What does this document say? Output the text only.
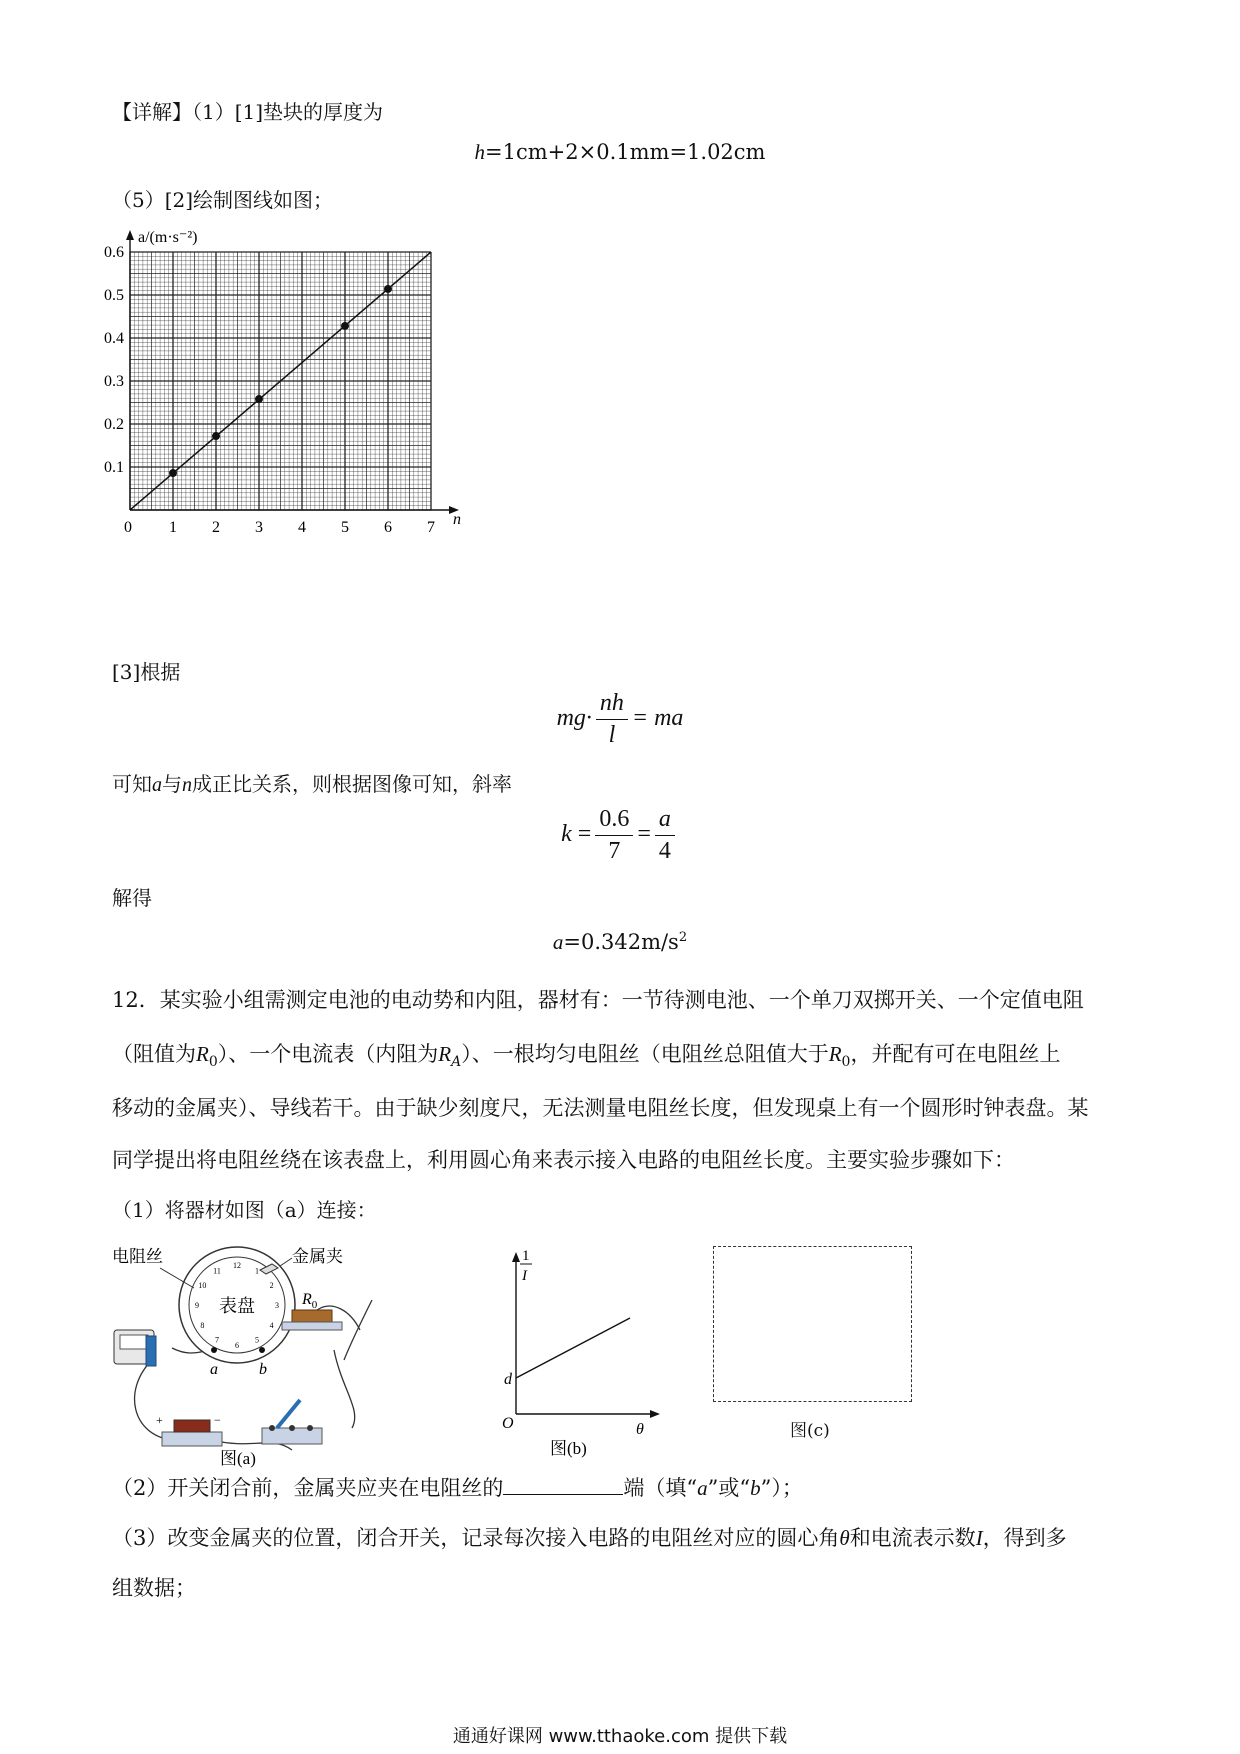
【详解】（1）[1]垫块的厚度为
h=1cm+2×0.1mm=1.02cm
（5）[2]绘制图线如图；
1 2 3 4 5 6 7
0.1
0.2
0.3
0.4
0.5
0.6
0	n
a/(m·s⁻²)
[3]根据
$mg\cdot \frac{nh}{l}$ = ma
可知a与n成正比关系，则根据图像可知，斜率
$k = \frac{0.6}{7} = \frac{a}{4}$
解得
$a=0.342m/s^2$
12．某实验小组需测定电池的电动势和内阻，器材有：一节待测电池、一个单刀双掷开关、一个定值电阻
（阻值为$R_0$）、一个电流表（内阻为$R_A$）、一根均匀电阻丝（电阻丝总阻值大于$R_0$，并配有可在电阻丝上
移动的金属夹）、导线若干。由于缺少刻度尺，无法测量电阻丝长度，但发现桌上有一个圆形时钟表盘。某
同学提出将电阻丝绕在该表盘上，利用圆心角来表示接入电路的电阻丝长度。主要实验步骤如下：
（1）将器材如图（a）连接：
12
1
2
3
4
5
6
7
8
9
10
11
表盘
a	b
电阻丝	金属夹
$R_0$
+	−
图(a)
1
I
d
O	θ
图(b)
图(c)
（2）开关闭合前，金属夹应夹在电阻丝的	端（填“a”或“b”）；
（3）改变金属夹的位置，闭合开关，记录每次接入电路的电阻丝对应的圆心角θ和电流表示数I，得到多
组数据；
通通好课网 www.tthaoke.com 提供下载
